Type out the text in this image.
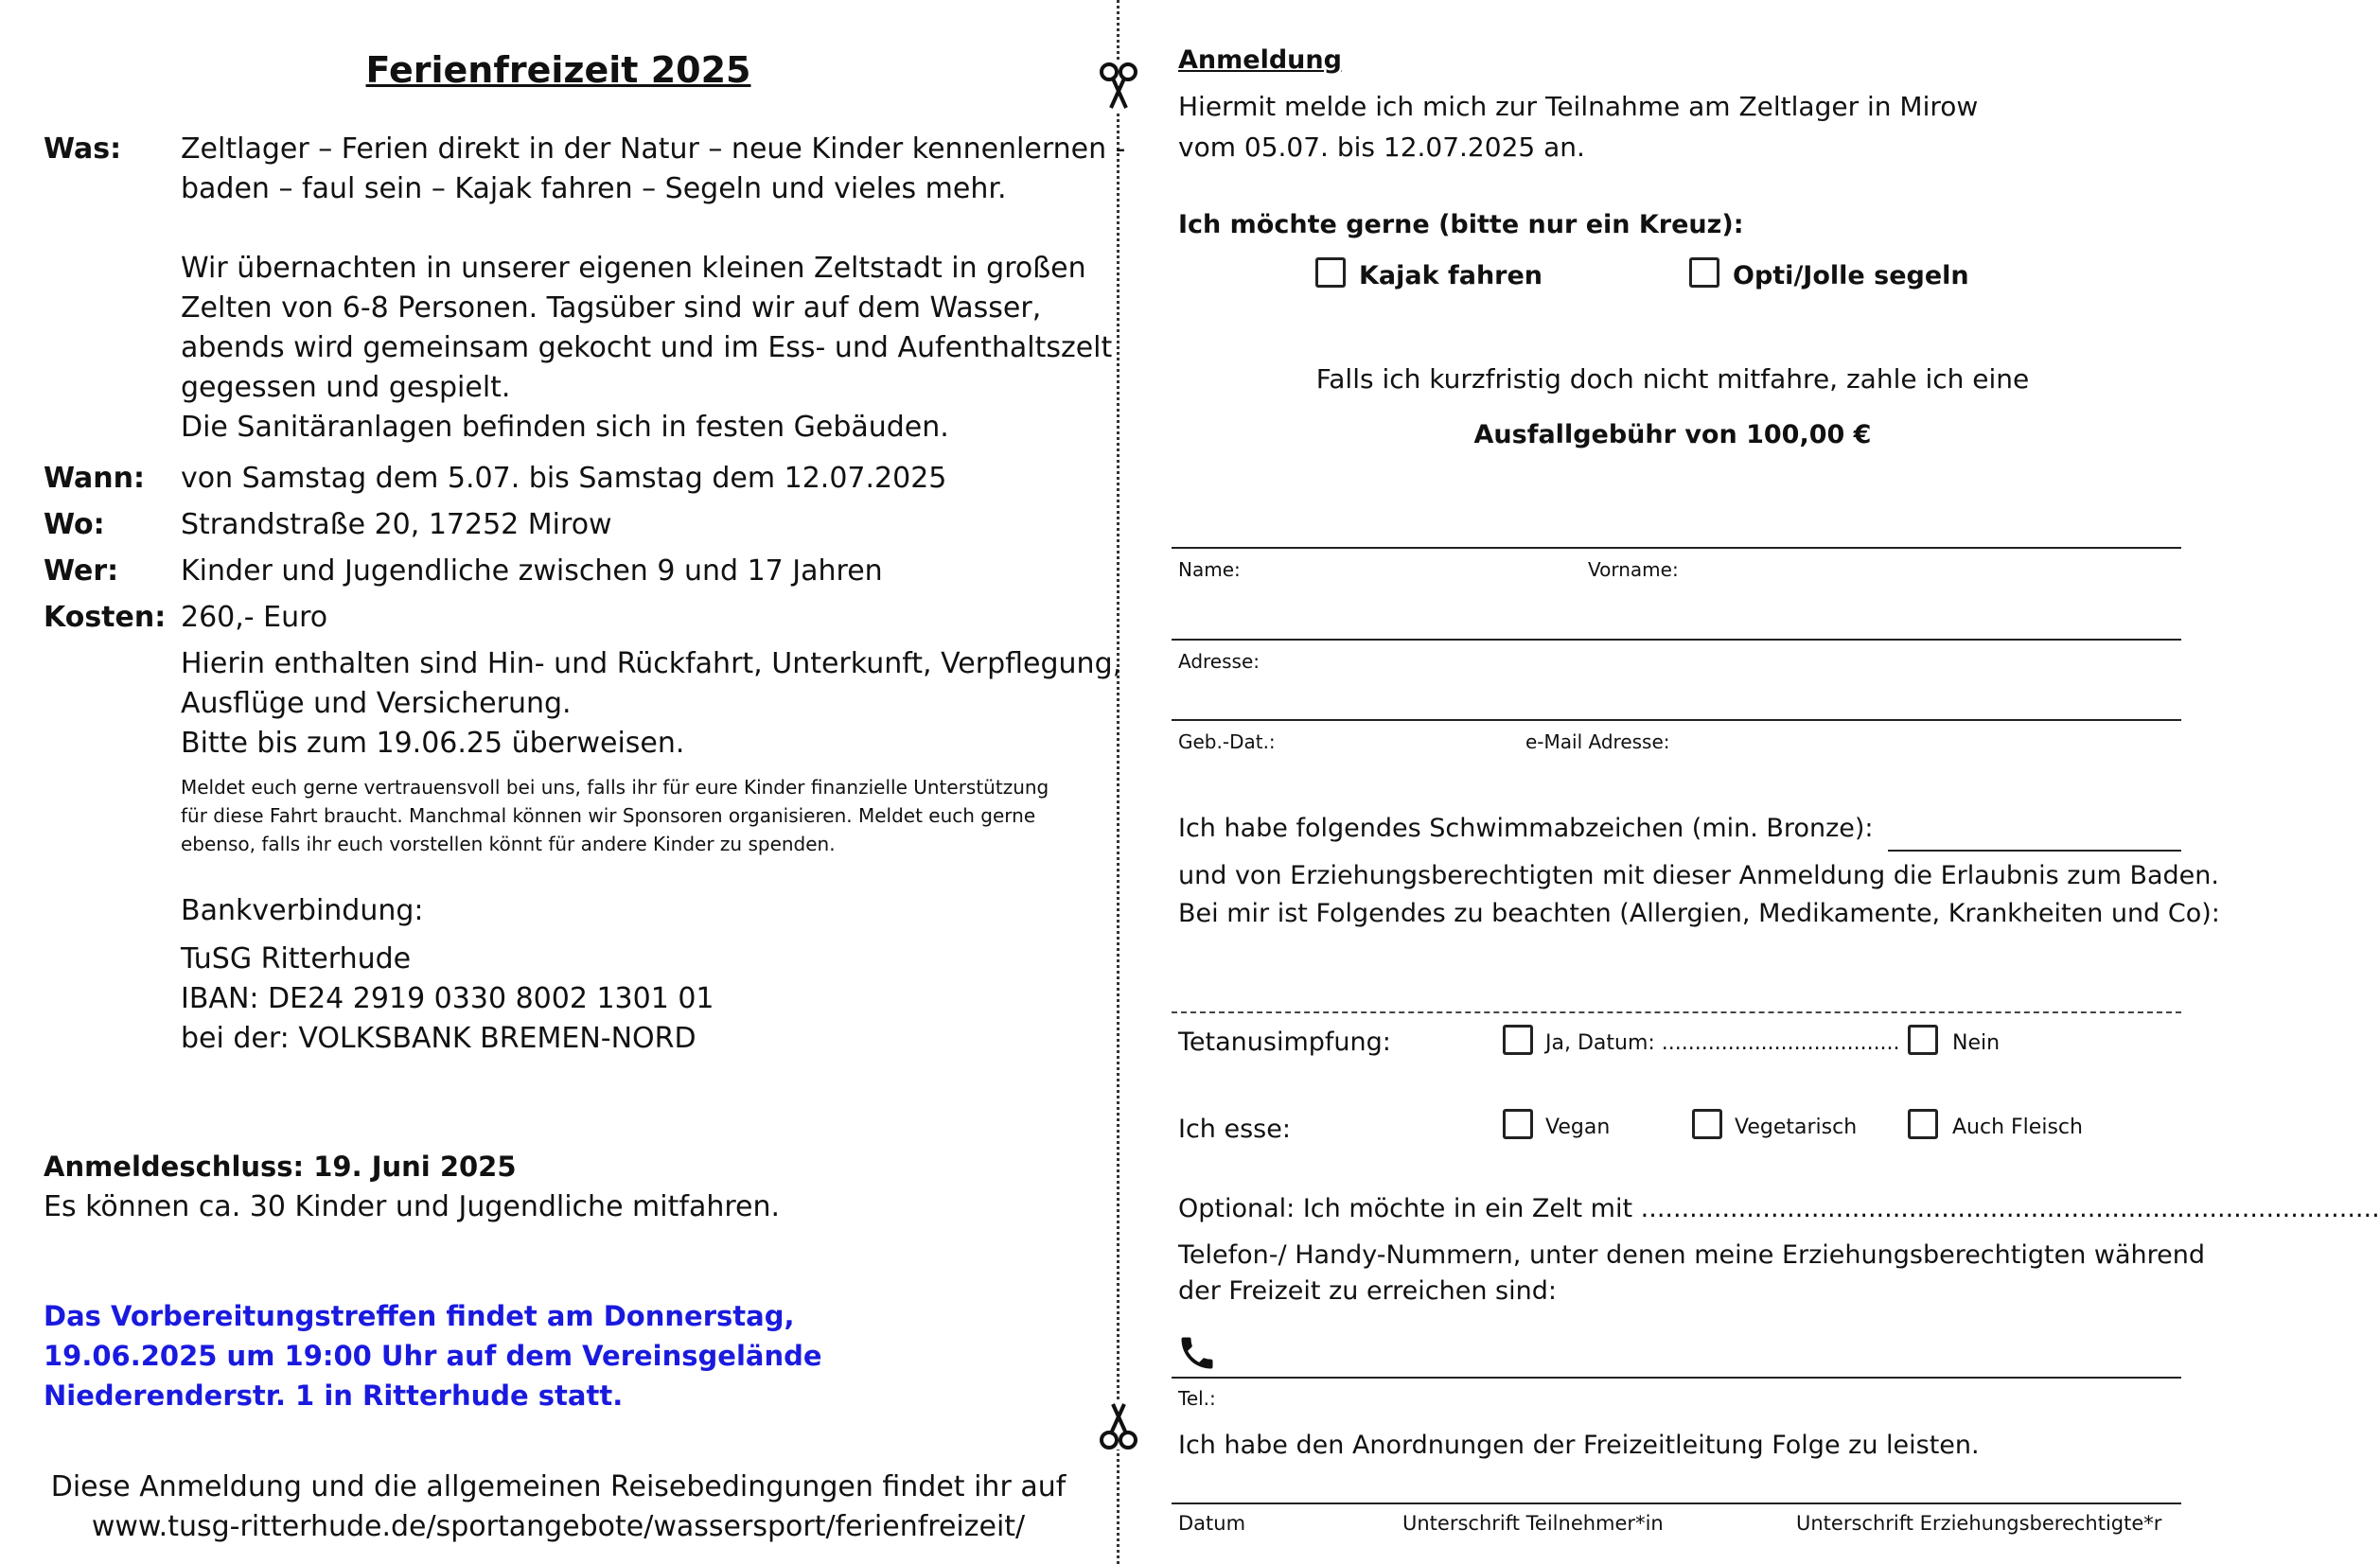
Ferienfreizeit 2025
Was: Zeltlager – Ferien direkt in der Natur – neue Kinder kennenlernen -
baden – faul sein – Kajak fahren – Segeln und vieles mehr.
Wir übernachten in unserer eigenen kleinen Zeltstadt in großen
Zelten von 6-8 Personen. Tagsüber sind wir auf dem Wasser,
abends wird gemeinsam gekocht und im Ess- und Aufenthaltszelt
gegessen und gespielt.
Die Sanitäranlagen befinden sich in festen Gebäuden.
Wann: von Samstag dem 5.07. bis Samstag dem 12.07.2025
Wo:	Strandstraße 20, 17252 Mirow
Wer: Kinder und Jugendliche zwischen 9 und 17 Jahren
Kosten: 260,- Euro
Hierin enthalten sind Hin- und Rückfahrt, Unterkunft, Verpflegung,
Ausflüge und Versicherung.
Bitte bis zum 19.06.25 überweisen.
Meldet euch gerne vertrauensvoll bei uns, falls ihr für eure Kinder finanzielle Unterstützung
für diese Fahrt braucht. Manchmal können wir Sponsoren organisieren. Meldet euch gerne
ebenso, falls ihr euch vorstellen könnt für andere Kinder zu spenden.
Bankverbindung:
TuSG Ritterhude
IBAN: DE24 2919 0330 8002 1301 01
bei der: VOLKSBANK BREMEN-NORD
Anmeldeschluss: 19. Juni 2025
Es können ca. 30 Kinder und Jugendliche mitfahren.
Das Vorbereitungstreffen findet am Donnerstag,
19.06.2025 um 19:00 Uhr auf dem Vereinsgelände
Niederenderstr. 1 in Ritterhude statt.
Diese Anmeldung und die allgemeinen Reisebedingungen findet ihr auf
www.tusg-ritterhude.de/sportangebote/wassersport/ferienfreizeit/
Anmeldung
Hiermit melde ich mich zur Teilnahme am Zeltlager in Mirow
vom 05.07. bis 12.07.2025 an.
Ich möchte gerne (bitte nur ein Kreuz):
Kajak fahren	Opti/Jolle segeln
Falls ich kurzfristig doch nicht mitfahre, zahle ich eine
Ausfallgebühr von 100,00 €
Name:	Vorname:
Adresse:
Geb.-Dat.:	e-Mail Adresse:
Ich habe folgendes Schwimmabzeichen (min. Bronze):
und von Erziehungsberechtigten mit dieser Anmeldung die Erlaubnis zum Baden.
Bei mir ist Folgendes zu beachten (Allergien, Medikamente, Krankheiten und Co):
Tetanusimpfung:	Ja, Datum: ....................................	Nein
Ich esse:	Vegan	Vegetarisch	Auch Fleisch
Optional: Ich möchte in ein Zelt mit ...........................................................................................
Telefon-/ Handy-Nummern, unter denen meine Erziehungsberechtigten während
der Freizeit zu erreichen sind:
Tel.:
Ich habe den Anordnungen der Freizeitleitung Folge zu leisten.
Datum	Unterschrift Teilnehmer*in	Unterschrift Erziehungsberechtigte*r
